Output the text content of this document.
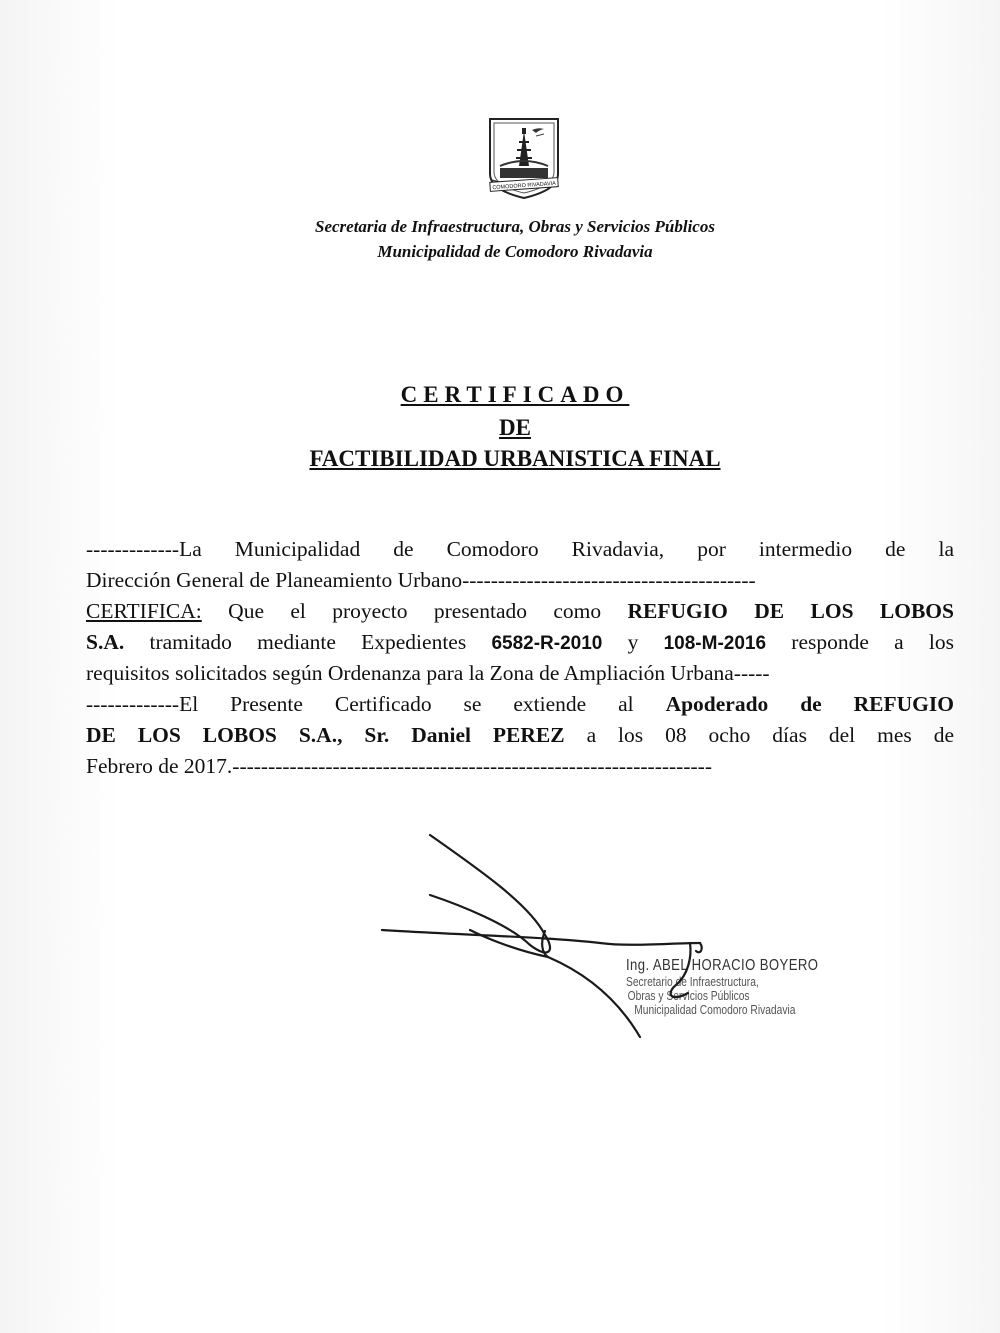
COMODORO RIVADAVIA
Secretaria de Infraestructura, Obras y Servicios Públicos
Municipalidad de Comodoro Rivadavia
CERTIFICADO
DE
FACTIBILIDAD URBANISTICA FINAL
-------------La Municipalidad de Comodoro Rivadavia, por intermedio de la
Dirección General de Planeamiento Urbano-----------------------------------------
CERTIFICA: Que el proyecto presentado como REFUGIO DE LOS LOBOS
S.A. tramitado mediante Expedientes 6582-R-2010 y 108-M-2016 responde a los
requisitos solicitados según Ordenanza para la Zona de Ampliación Urbana-----
-------------El Presente Certificado se extiende al Apoderado de REFUGIO
DE LOS LOBOS S.A., Sr. Daniel PEREZ a los 08 ocho días del mes de
Febrero de 2017.-------------------------------------------------------------------
Ing. ABEL HORACIO BOYERO
Secretario de Infraestructura,
Obras y Servicios Públicos
Municipalidad Comodoro Rivadavia
